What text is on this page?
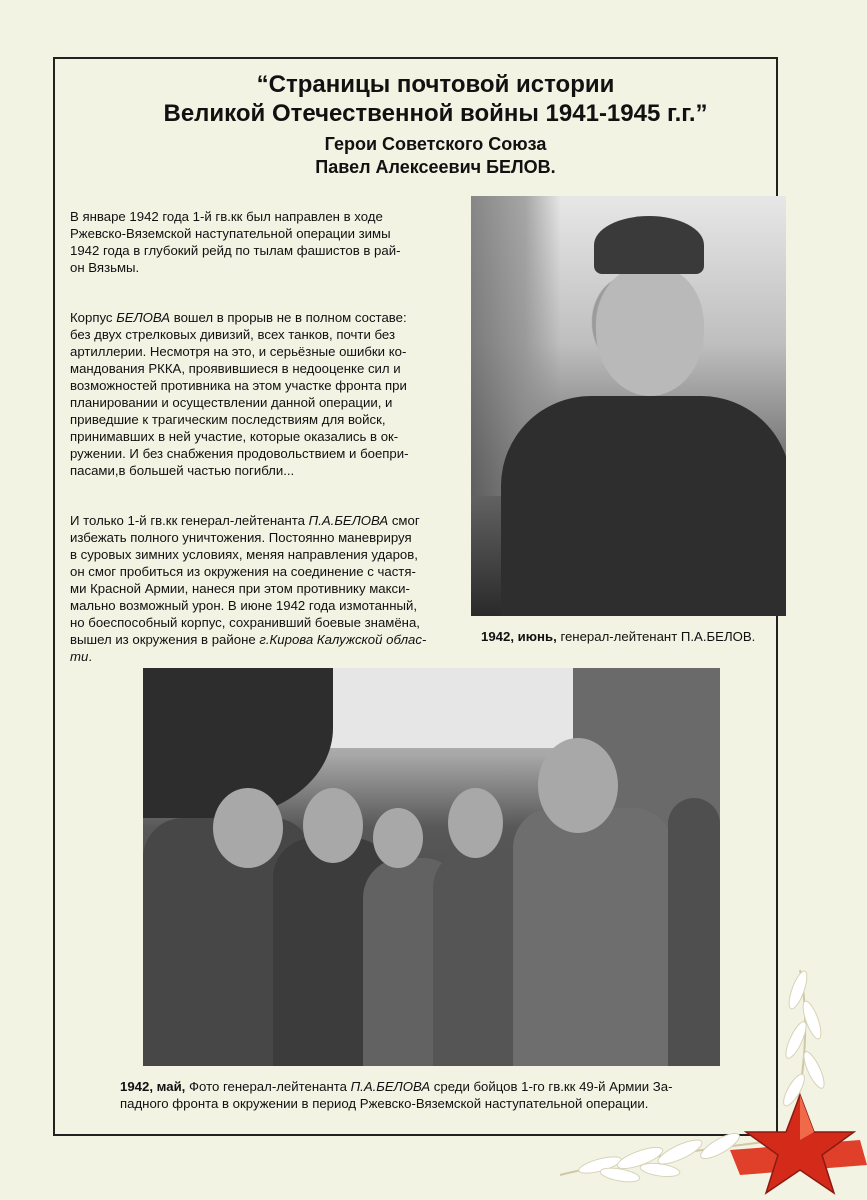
“Страницы почтовой истории
Великой Отечественной войны 1941-1945 г.г.”
Герои Советского Союза
Павел Алексеевич БЕЛОВ.

В январе 1942 года 1-й гв.кк был направлен в ходе
Ржевско-Вяземской наступательной операции зимы
1942 года в глубокий рейд по тылам фашистов в рай-
он Вязьмы.

Корпус БЕЛОВА вошел в прорыв не в полном составе:
без двух стрелковых дивизий, всех танков, почти без
артиллерии. Несмотря на это, и серьёзные ошибки ко-
мандования РККА, проявившиеся в недооценке сил и
возможностей противника на этом участке фронта при
планировании и осуществлении данной операции, и
приведшие к трагическим последствиям для войск,
принимавших в ней участие, которые оказались в ок-
ружении. И без снабжения продовольствием и боепри-
пасами,в большей частью погибли...

И только 1-й гв.кк генерал-лейтенанта П.А.БЕЛОВА смог
избежать полного уничтожения. Постоянно маневрируя
в суровых зимних условиях, меняя направления ударов,
он смог пробиться из окружения на соединение с частя-
ми Красной Армии, нанеся при этом противнику макси-
мально возможный урон. В июне 1942 года измотанный,
но боеспособный корпус, сохранивший боевые знамёна,
вышел из окружения в районе г.Кирова Калужской облас-
ти.

1942, июнь, генерал-лейтенант П.А.БЕЛОВ.
1942, май, Фото генерал-лейтенанта П.А.БЕЛОВА среди бойцов 1-го гв.кк 49-й Армии За-
падного фронта в окружении в период Ржевско-Вяземской наступательной операции.
